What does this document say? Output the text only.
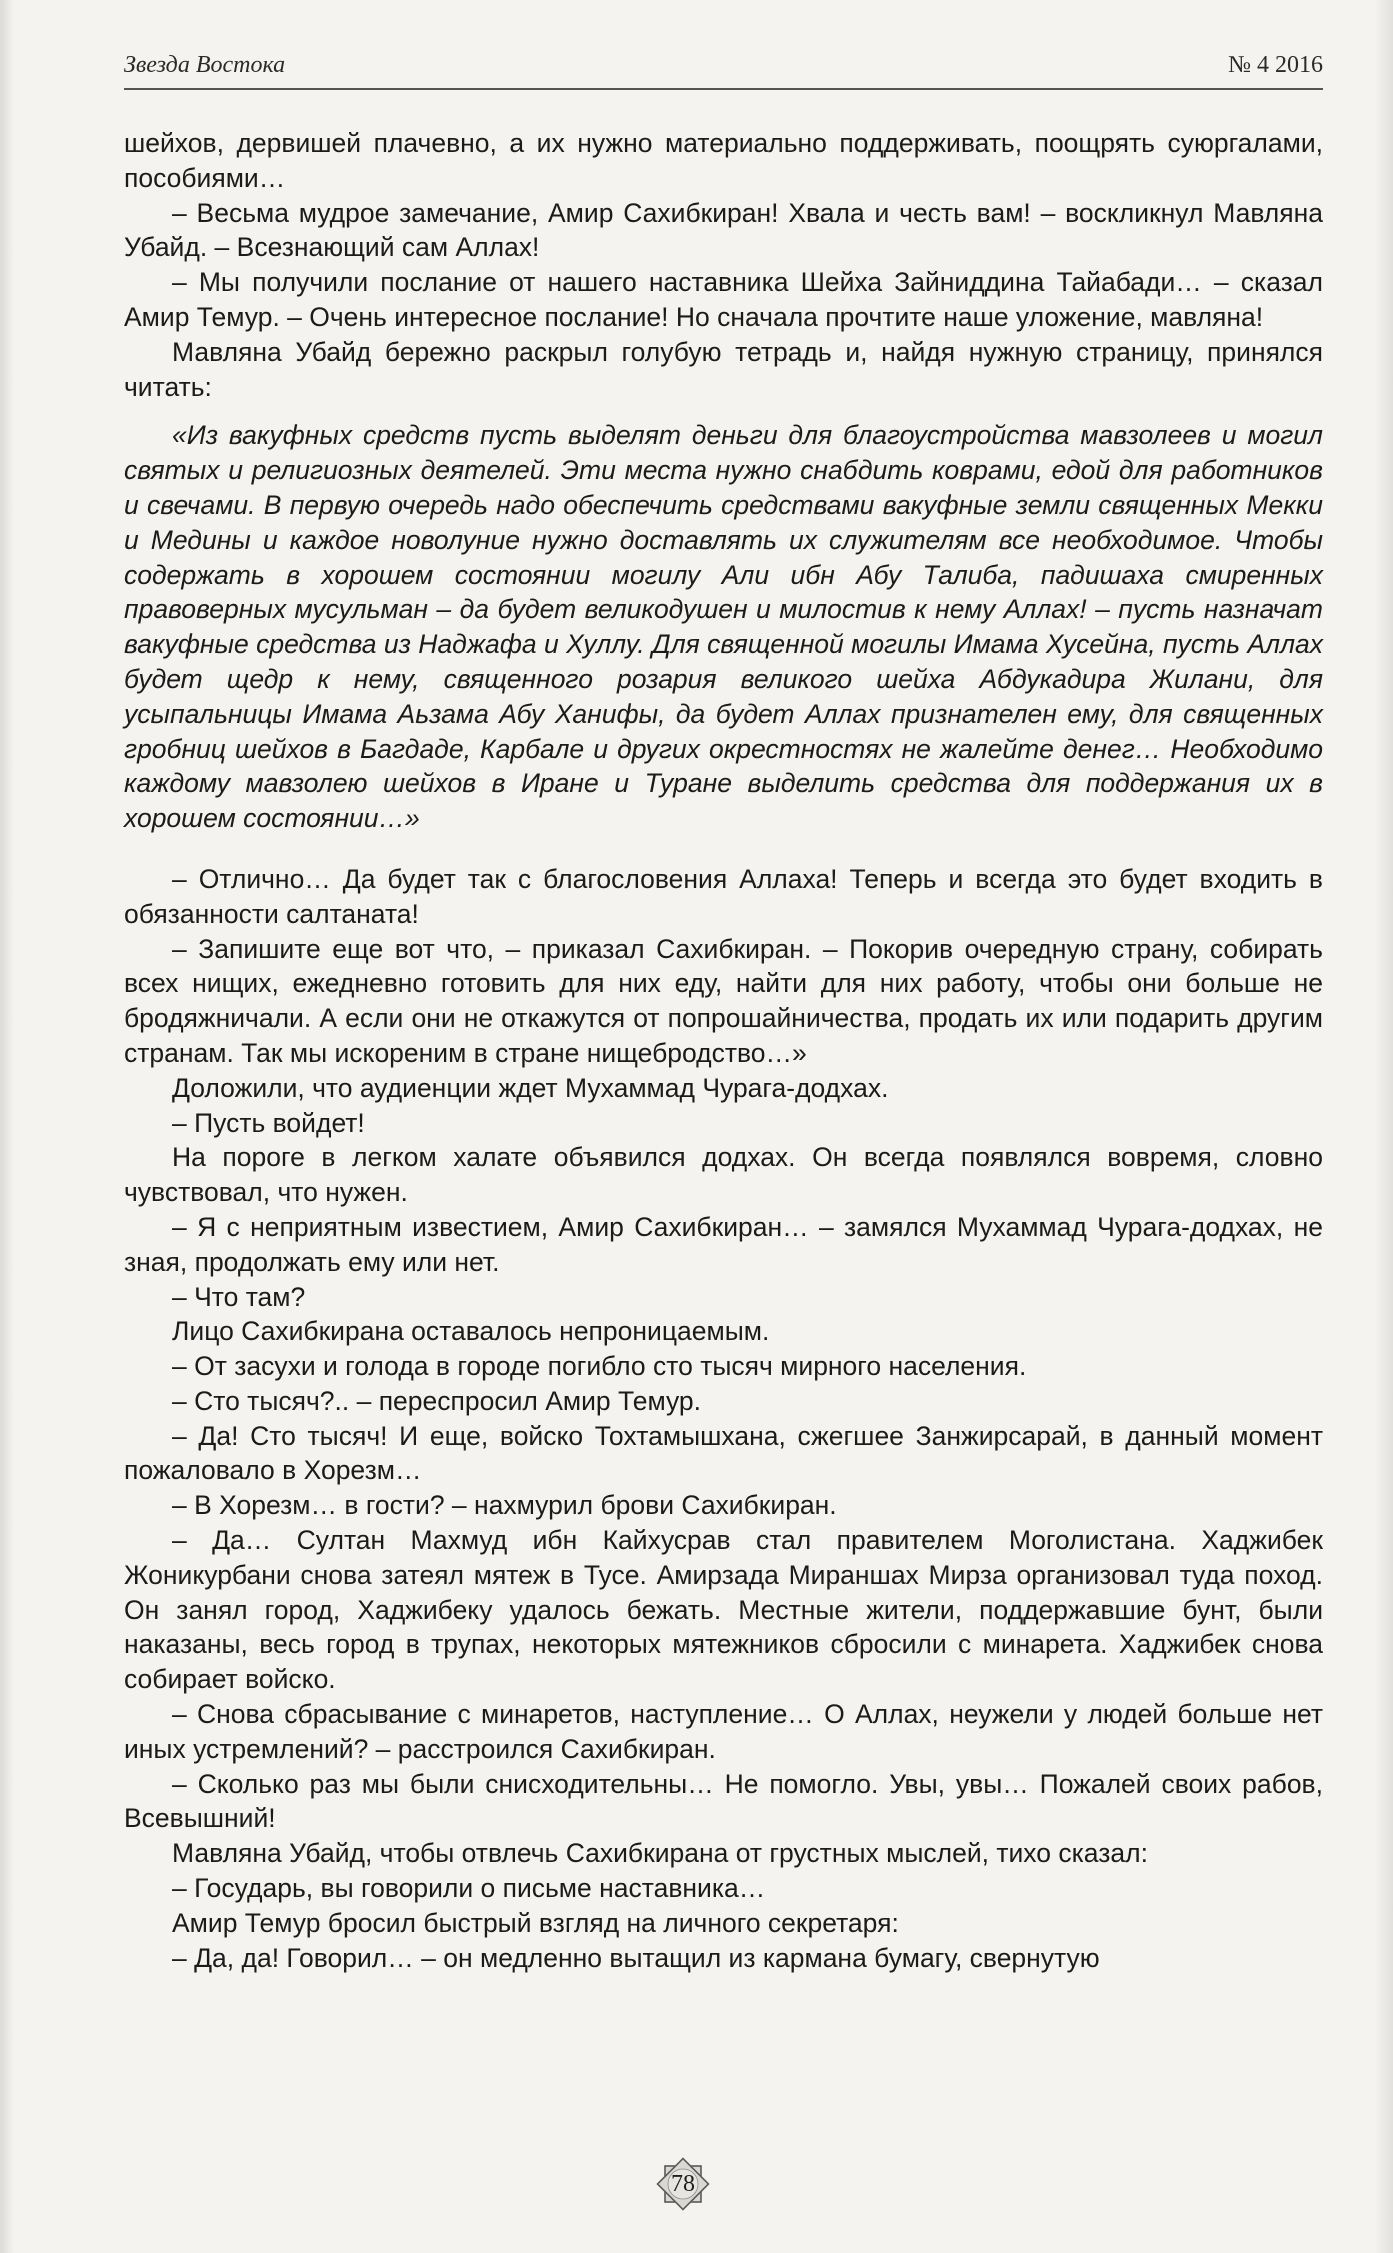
Звезда Востока	№ 4 2016

шейхов, дервишей плачевно, а их нужно материально поддерживать, поощрять суюргалами, пособиями…

– Весьма мудрое замечание, Амир Сахибкиран! Хвала и честь вам! – воскликнул Мавляна Убайд. – Всезнающий сам Аллах!

– Мы получили послание от нашего наставника Шейха Зайниддина Тайабади… – сказал Амир Темур. – Очень интересное послание! Но сначала прочтите наше уложение, мавляна!

Мавляна Убайд бережно раскрыл голубую тетрадь и, найдя нужную страницу, принялся читать:

«Из вакуфных средств пусть выделят деньги для благоустройства мавзолеев и могил святых и религиозных деятелей. Эти места нужно снабдить коврами, едой для работников и свечами. В первую очередь надо обеспечить средствами вакуфные земли священных Мекки и Медины и каждое новолуние нужно доставлять их служителям все необходимое. Чтобы содержать в хорошем состоянии могилу Али ибн Абу Талиба, падишаха смиренных правоверных мусульман – да будет великодушен и милостив к нему Аллах! – пусть назначат вакуфные средства из Наджафа и Хуллу. Для священной могилы Имама Хусейна, пусть Аллах будет щедр к нему, священного розария великого шейха Абдукадира Жилани, для усыпальницы Имама Аьзама Абу Ханифы, да будет Аллах признателен ему, для священных гробниц шейхов в Багдаде, Карбале и других окрестностях не жалейте денег… Необходимо каждому мавзолею шейхов в Иране и Туране выделить средства для поддержания их в хорошем состоянии…»

– Отлично… Да будет так с благословения Аллаха! Теперь и всегда это будет входить в обязанности салтаната!

– Запишите еще вот что, – приказал Сахибкиран. – Покорив очередную страну, собирать всех нищих, ежедневно готовить для них еду, найти для них работу, чтобы они больше не бродяжничали. А если они не откажутся от попрошайничества, продать их или подарить другим странам. Так мы искореним в стране нищебродство…»

Доложили, что аудиенции ждет Мухаммад Чурага-додхах.

– Пусть войдет!

На пороге в легком халате объявился додхах. Он всегда появлялся вовремя, словно чувствовал, что нужен.

– Я с неприятным известием, Амир Сахибкиран… – замялся Мухаммад Чурага-додхах, не зная, продолжать ему или нет.

– Что там?

Лицо Сахибкирана оставалось непроницаемым.

– От засухи и голода в городе погибло сто тысяч мирного населения.

– Сто тысяч?.. – переспросил Амир Темур.

– Да! Сто тысяч! И еще, войско Тохтамышхана, сжегшее Занжирсарай, в данный момент пожаловало в Хорезм…

– В Хорезм… в гости? – нахмурил брови Сахибкиран.

– Да… Султан Махмуд ибн Кайхусрав стал правителем Моголистана. Хаджибек Жоникурбани снова затеял мятеж в Тусе. Амирзада Мираншах Мирза организовал туда поход. Он занял город, Хаджибеку удалось бежать. Местные жители, поддержавшие бунт, были наказаны, весь город в трупах, некоторых мятежников сбросили с минарета. Хаджибек снова собирает войско.

– Снова сбрасывание с минаретов, наступление… О Аллах, неужели у людей больше нет иных устремлений? – расстроился Сахибкиран.

– Сколько раз мы были снисходительны… Не помогло. Увы, увы… Пожалей своих рабов, Всевышний!

Мавляна Убайд, чтобы отвлечь Сахибкирана от грустных мыслей, тихо сказал:

– Государь, вы говорили о письме наставника…

Амир Темур бросил быстрый взгляд на личного секретаря:

– Да, да! Говорил… – он медленно вытащил из кармана бумагу, свернутую

78
